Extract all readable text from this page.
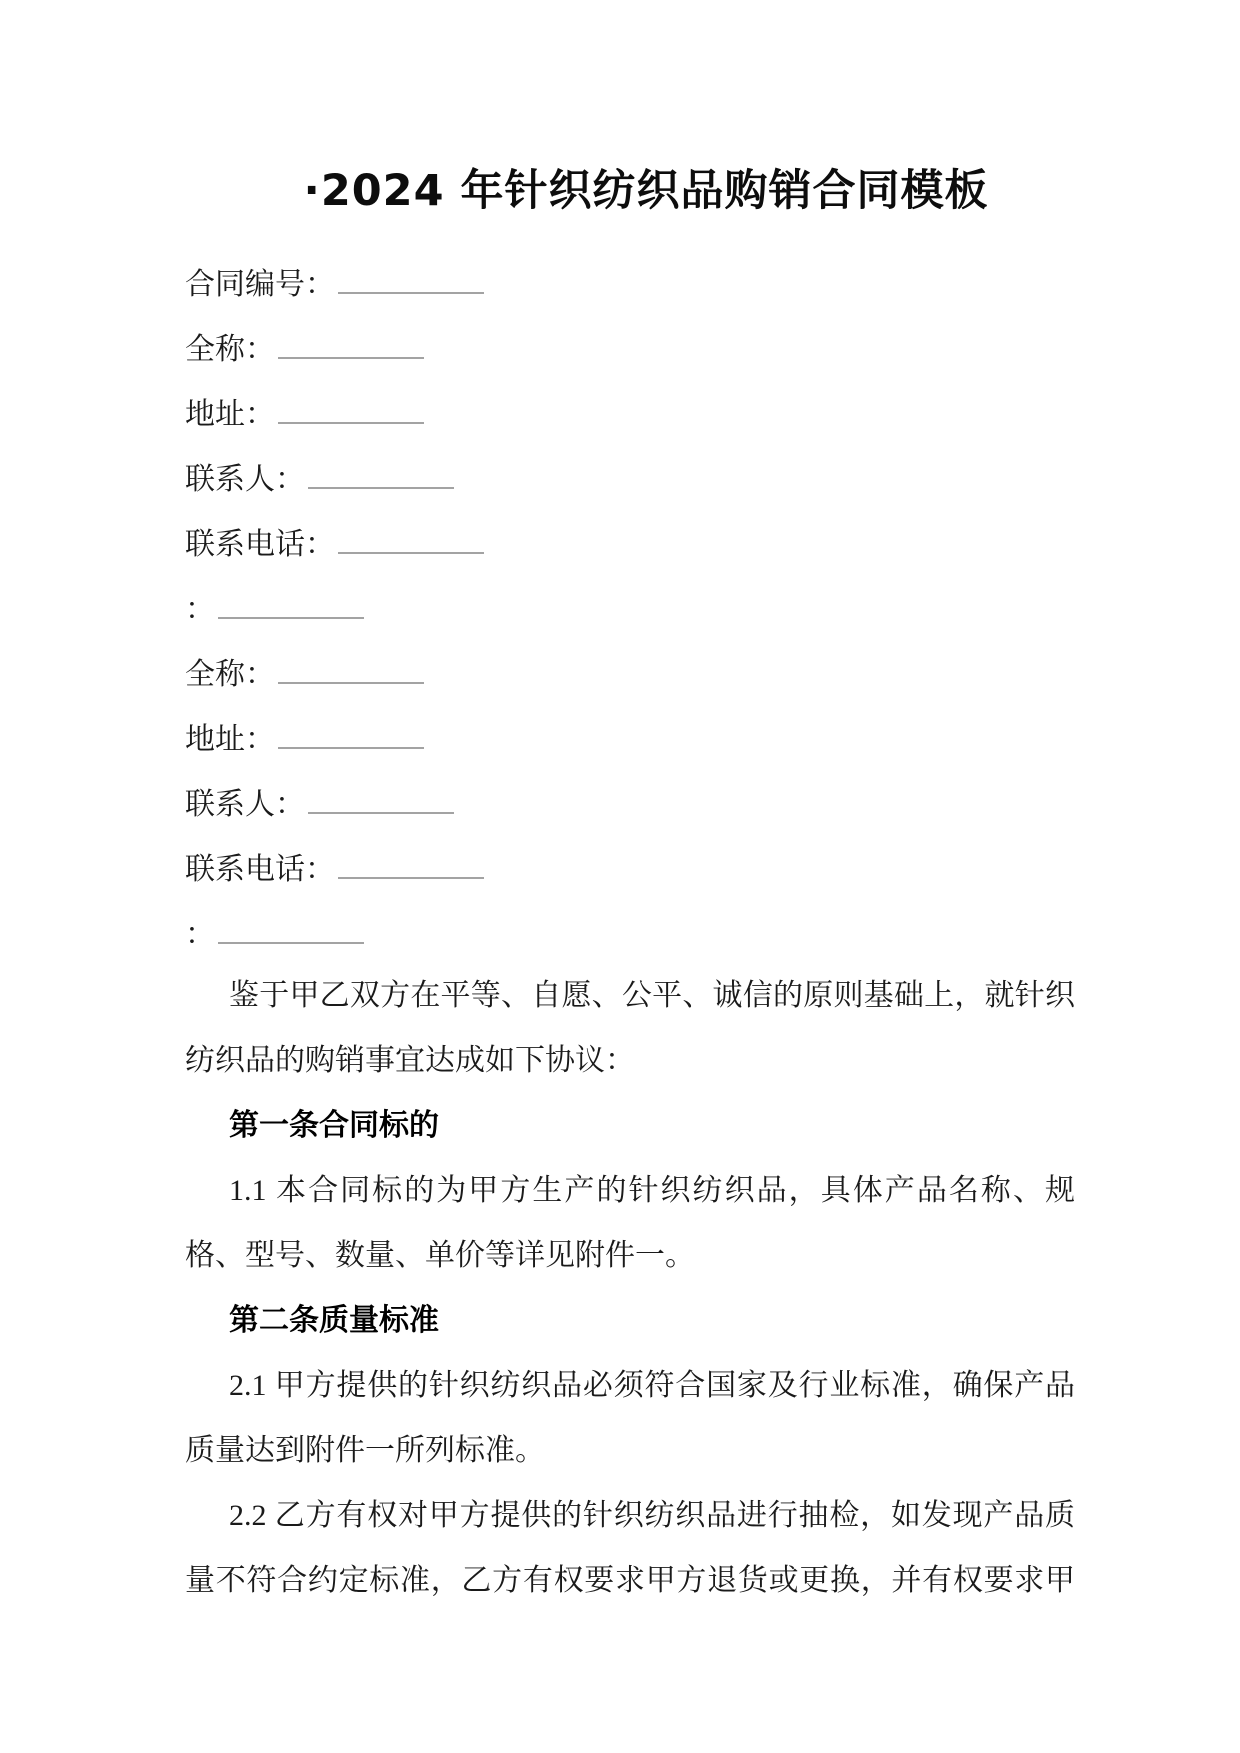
·2024 年针织纺织品购销合同模板
合同编号：
全称：
地址：
联系人：
联系电话：
：
全称：
地址：
联系人：
联系电话：
：
鉴于甲乙双方在平等、自愿、公平、诚信的原则基础上，就针织
纺织品的购销事宜达成如下协议：
第一条合同标的
1.1 本合同标的为甲方生产的针织纺织品，具体产品名称、规
格、型号、数量、单价等详见附件一。
第二条质量标准
2.1 甲方提供的针织纺织品必须符合国家及行业标准，确保产品
质量达到附件一所列标准。
2.2 乙方有权对甲方提供的针织纺织品进行抽检，如发现产品质
量不符合约定标准，乙方有权要求甲方退货或更换，并有权要求甲
